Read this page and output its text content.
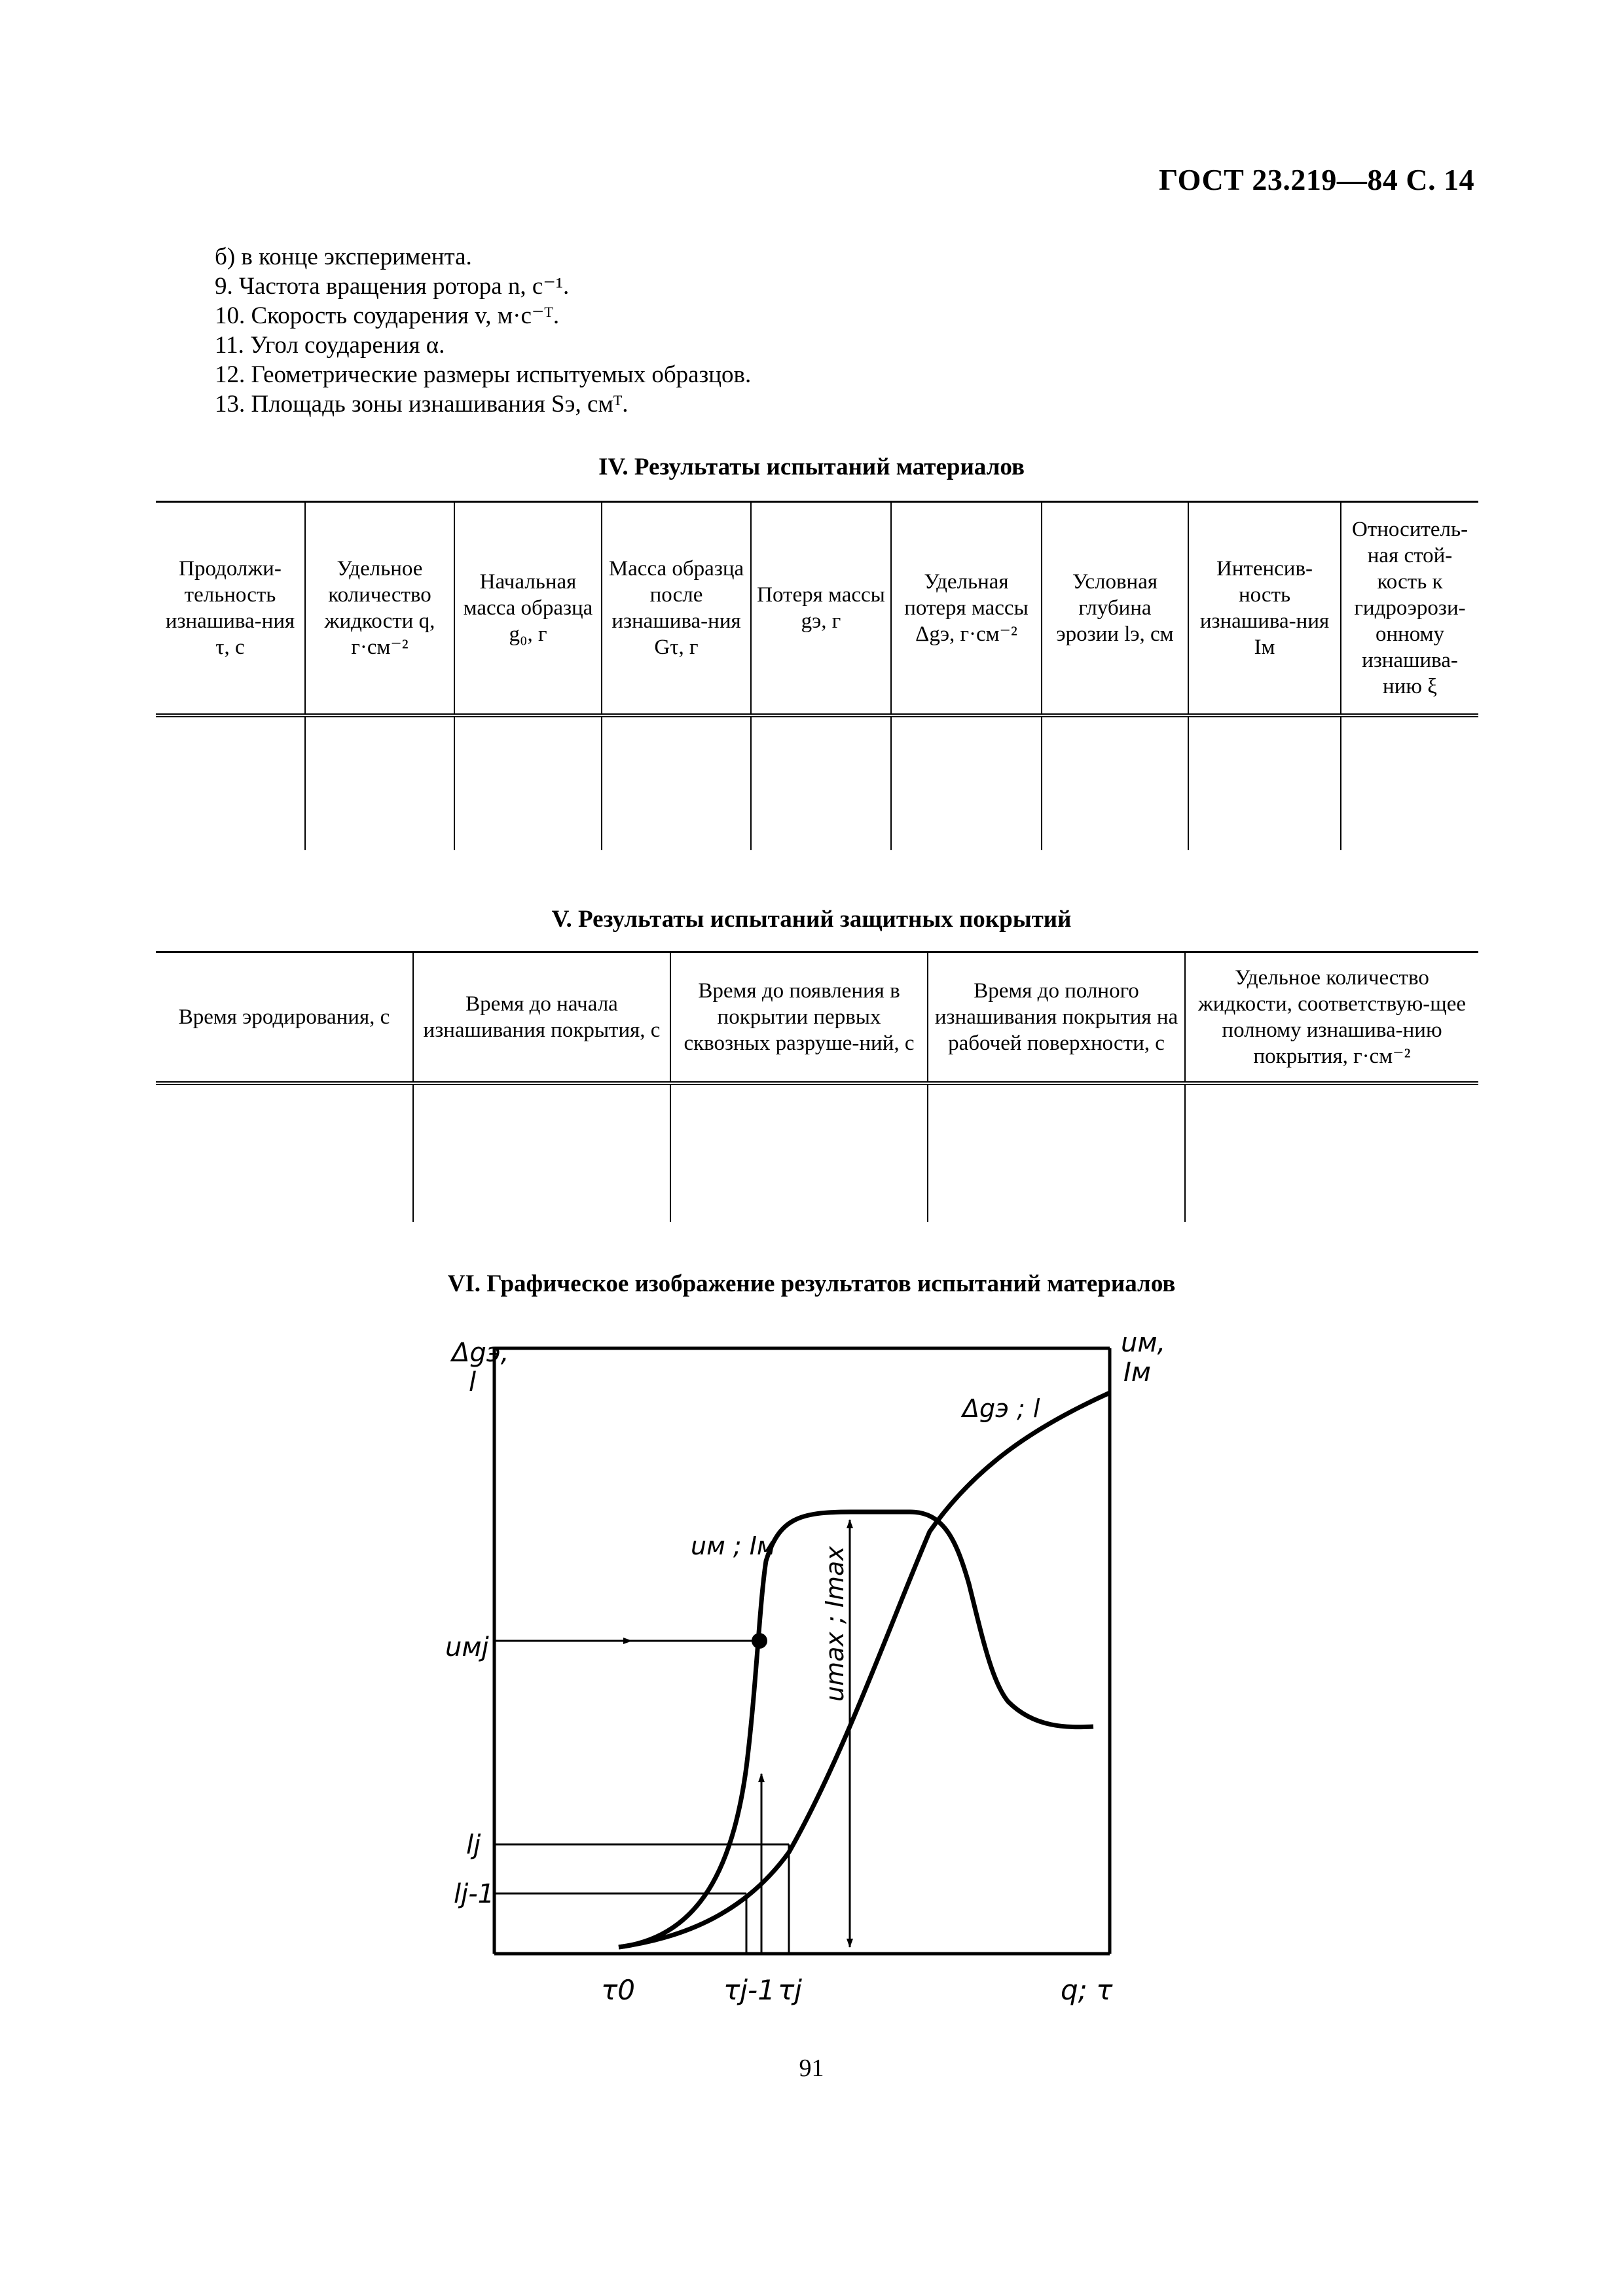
ГОСТ 23.219—84 С. 14
б) в конце эксперимента.
9. Частота вращения ротора n, с⁻¹.
10. Скорость соударения v, м·с⁻ᵀ.
11. Угол соударения α.
12. Геометрические размеры испытуемых образцов.
13. Площадь зоны изнашивания Sэ, смᵀ.
IV. Результаты испытаний материалов
Продолжи-тельность изнашива-ния τ, с	Удельное количество жидкости q, г·см⁻²	Начальная масса образца g₀, г	Масса образца после изнашива-ния Gτ, г	Потеря массы gэ, г	Удельная потеря массы Δgэ, г·см⁻²	Условная глубина эрозии lэ, см	Интенсив-ность изнашива-ния Iм	Относитель-ная стой-кость к гидроэрози-онному изнашива-нию ξ

V. Результаты испытаний защитных покрытий
Время эродирования, с	Время до начала изнашивания покрытия, с	Время до появления в покрытии первых сквозных разруше-ний, с	Время до полного изнашивания покрытия на рабочей поверхности, с	Удельное количество жидкости, соответствую-щее полному изнашива-нию покрытия, г·см⁻²

VI. Графическое изображение результатов испытаний материалов
Δgэ,
l
uм,
Iм
uмj
lj
lj-1
τ0	τj-1 τj	q; τ
Δgэ ; l
uм ; Iм
umax ; Imax
91
